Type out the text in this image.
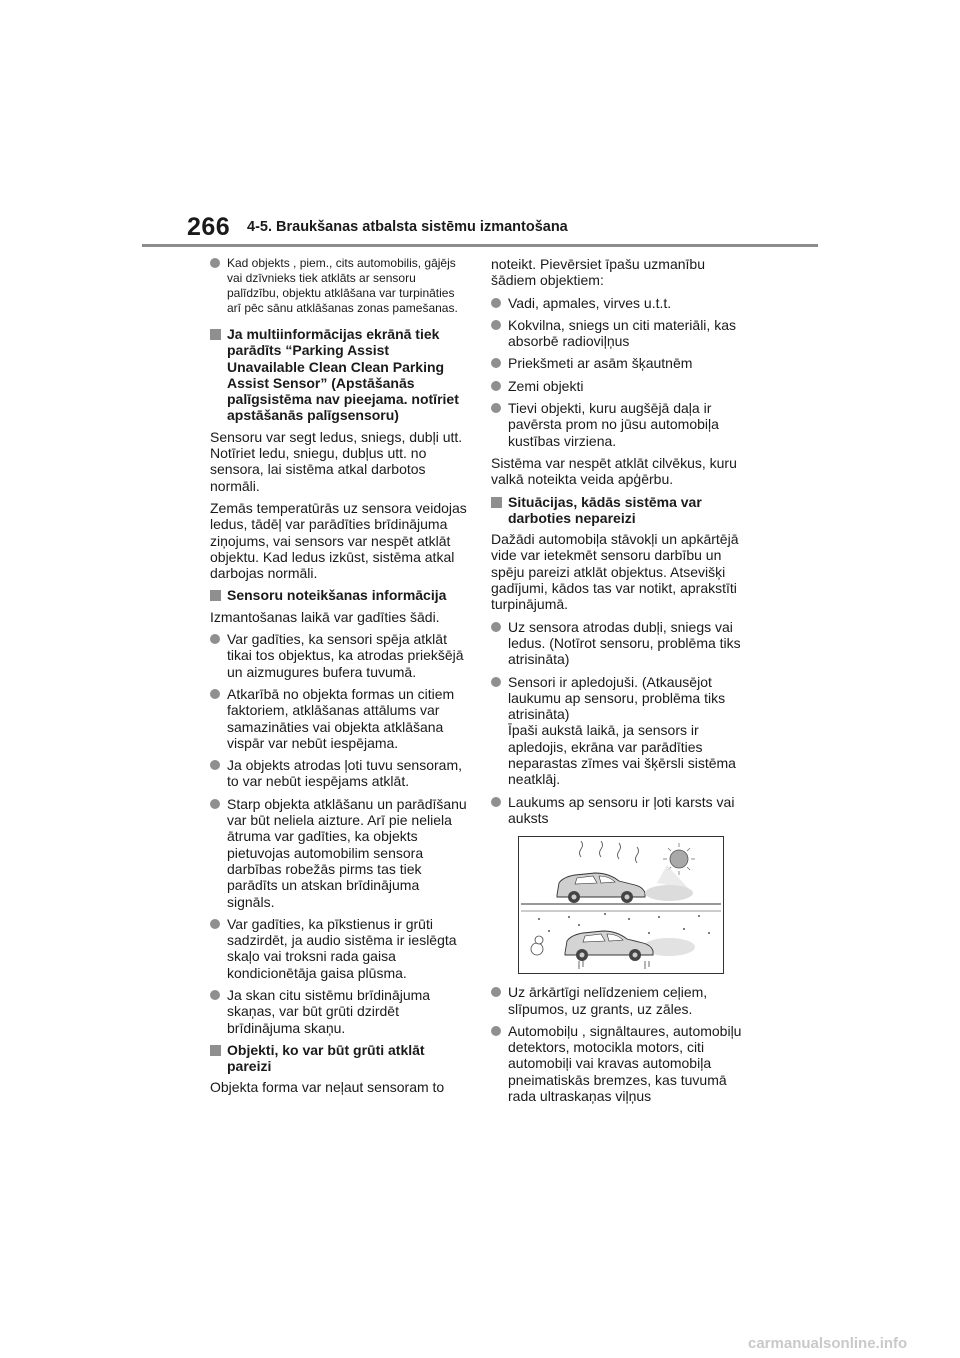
266 4-5. Braukšanas atbalsta sistēmu izmantošana
Kad objekts , piem., cits automobilis, gājējs vai dzīvnieks tiek atklāts ar sensoru palīdzību, objektu atklāšana var turpināties arī pēc sānu atklāšanas zonas pamešanas.
Ja multiinformācijas ekrānā tiek parādīts “Parking Assist Unavailable Clean Clean Parking Assist Sensor” (Apstāšanās palīgsistēma nav pieejama. notīriet apstāšanās palīgsensoru)
Sensoru var segt ledus, sniegs, dubļi utt. Notīriet ledu, sniegu, dubļus utt. no sensora, lai sistēma atkal darbotos normāli.
Zemās temperatūrās uz sensora veidojas ledus, tādēļ var parādīties brīdinājuma ziņojums, vai sensors var nespēt atklāt objektu. Kad ledus izkūst, sistēma atkal darbojas normāli.
Sensoru noteikšanas informācija
Izmantošanas laikā var gadīties šādi.
Var gadīties, ka sensori spēja atklāt tikai tos objektus, ka atrodas priekšējā un aizmugures bufera tuvumā.
Atkarībā no objekta formas un citiem faktoriem, atklāšanas attālums var samazināties vai objekta atklāšana vispār var nebūt iespējama.
Ja objekts atrodas ļoti tuvu sensoram, to var nebūt iespējams atklāt.
Starp objekta atklāšanu un parādīšanu var būt neliela aizture. Arī pie neliela ātruma var gadīties, ka objekts pietuvojas automobilim sensora darbības robežās pirms tas tiek parādīts un atskan brīdinājuma signāls.
Var gadīties, ka pīkstienus ir grūti sadzirdēt, ja audio sistēma ir ieslēgta skaļo vai troksni rada gaisa kondicionētāja gaisa plūsma.
Ja skan citu sistēmu brīdinājuma skaņas, var būt grūti dzirdēt brīdinājuma skaņu.
Objekti, ko var būt grūti atklāt pareizi
Objekta forma var neļaut sensoram to
noteikt. Pievērsiet īpašu uzmanību šādiem objektiem:
Vadi, apmales, virves u.t.t.
Kokvilna, sniegs un citi materiāli, kas absorbē radioviļņus
Priekšmeti ar asām šķautnēm
Zemi objekti
Tievi objekti, kuru augšējā daļa ir pavērsta prom no jūsu automobiļa kustības virziena.
Sistēma var nespēt atklāt cilvēkus, kuru valkā noteikta veida apģērbu.
Situācijas, kādās sistēma var darboties nepareizi
Dažādi automobiļa stāvokļi un apkārtējā vide var ietekmēt sensoru darbību un spēju pareizi atklāt objektus. Atsevišķi gadījumi, kādos tas var notikt, aprakstīti turpinājumā.
Uz sensora atrodas dubļi, sniegs vai ledus. (Notīrot sensoru, problēma tiks atrisināta)
Sensori ir apledojuši. (Atkausējot laukumu ap sensoru, problēma tiks atrisināta)
Īpaši aukstā laikā, ja sensors ir apledojis, ekrāna var parādīties neparastas zīmes vai šķērsli sistēma neatklāj.
Laukums ap sensoru ir ļoti karsts vai auksts
Uz ārkārtīgi nelīdzeniem ceļiem, slīpumos, uz grants, uz zāles.
Automobiļu , signāltaures, automobiļu detektors, motocikla motors, citi automobiļi vai kravas automobiļa pneimatiskās bremzes, kas tuvumā rada ultraskaņas viļņus
carmanualsonline.info
